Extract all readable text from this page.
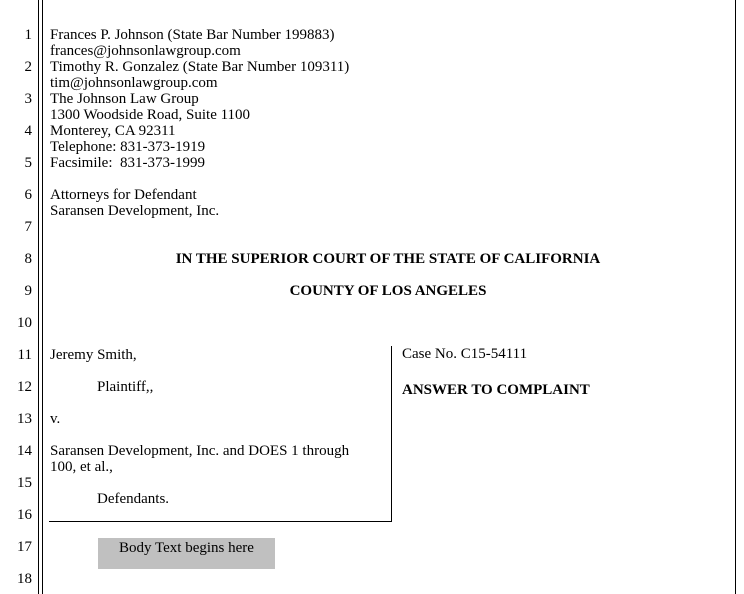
1
2
3
4
5
6
7
8
9
10
11
12
13
14
15
16
17
18
Frances P. Johnson (State Bar Number 199883)
frances@johnsonlawgroup.com
Timothy R. Gonzalez (State Bar Number 109311)
tim@johnsonlawgroup.com
The Johnson Law Group
1300 Woodside Road, Suite 1100
Monterey, CA 92311
Telephone: 831-373-1919
Facsimile:  831-373-1999
Attorneys for Defendant
Saransen Development, Inc.
IN THE SUPERIOR COURT OF THE STATE OF CALIFORNIA
COUNTY OF LOS ANGELES
Jeremy Smith,
Plaintiff,,
v.
Saransen Development, Inc. and DOES 1 through
100, et al.,
Defendants.
Case No. C15-54111
ANSWER TO COMPLAINT
Body Text begins here
